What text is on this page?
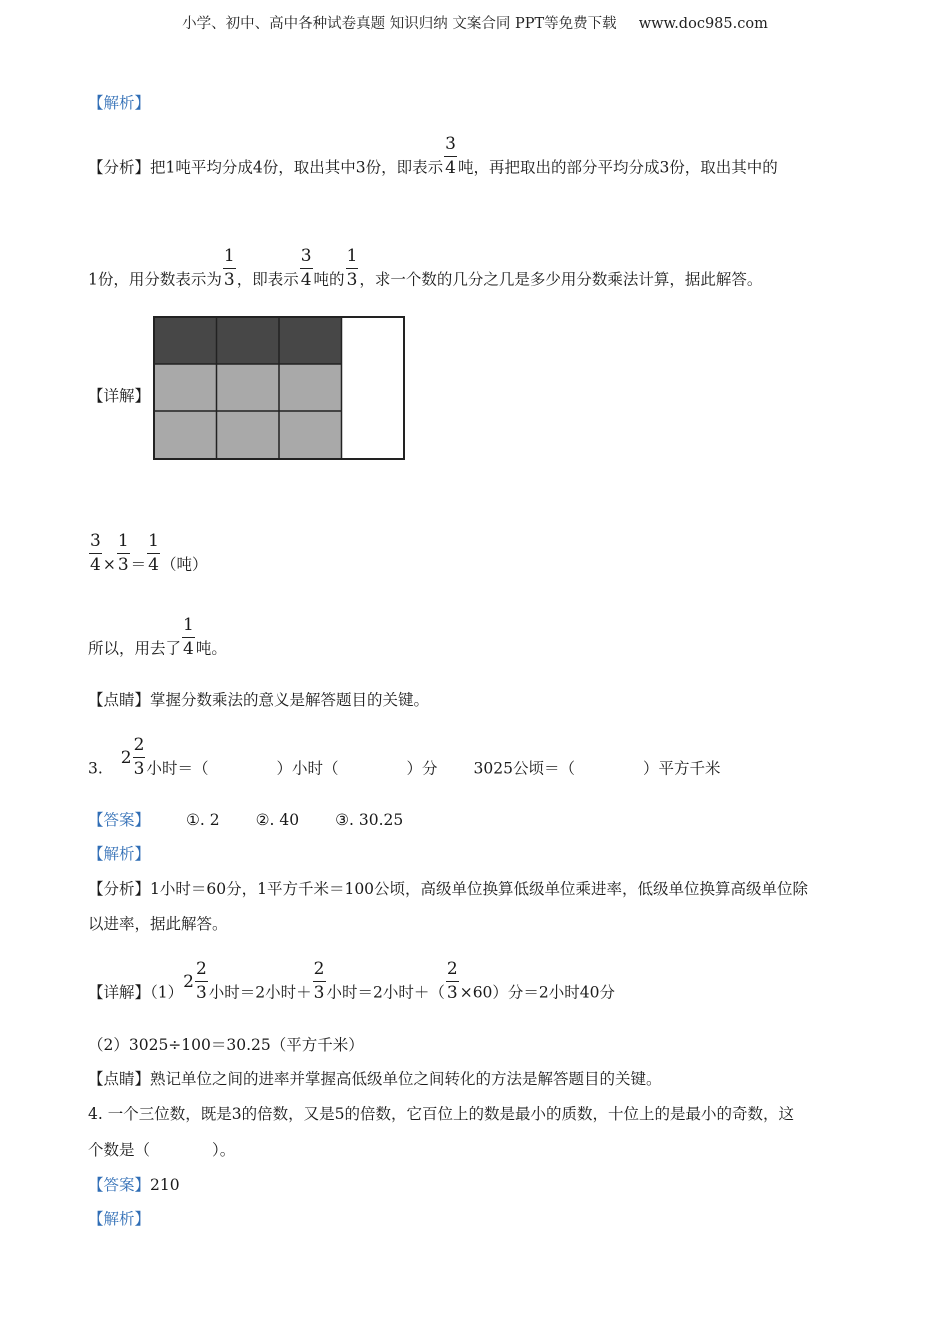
小学、初中、高中各种试卷真题 知识归纳 文案合同 PPT等免费下载 www.doc985.com
【解析】
【分析】把1吨平均分成4份，取出其中3份，即表示 $\frac{3}{4}$ 吨，再把取出的部分平均分成3份，取出其中的
1份，用分数表示为 $\frac{1}{3}$ ，即表示 $\frac{3}{4}$ 吨的 $\frac{1}{3}$ ，求一个数的几分之几是多少用分数乘法计算，据此解答。
【详解】
$\frac{3}{4} \times \frac{1}{3} = \frac{1}{4}$ （吨）
所以，用去了 $\frac{1}{4}$ 吨。
【点睛】掌握分数乘法的意义是解答题目的关键。
$3.2 \frac{2}{3}$ 小时＝（	）小时（	）分 3025公顷＝（	）平方千米
【答案】 ①. 2 ②. 40 ③. 30.25
【解析】
【分析】1小时＝60分，1平方千米＝100公顷，高级单位换算低级单位乘进率，低级单位换算高级单位除
以进率，据此解答。
【详解】$(1)2 \frac{2}{3}$ 小时＝2小时＋ $\frac{2}{3}$ 小时＝2小时＋（ $\frac{2}{3} \times 60$）分＝2小时40分
（2）3025÷100＝30.25（平方千米）
【点睛】熟记单位之间的进率并掌握高低级单位之间转化的方法是解答题目的关键。
4. 一个三位数，既是3的倍数，又是5的倍数，它百位上的数是最小的质数，十位上的是最小的奇数，这
个数是（　　　　）。
【答案】210
【解析】
